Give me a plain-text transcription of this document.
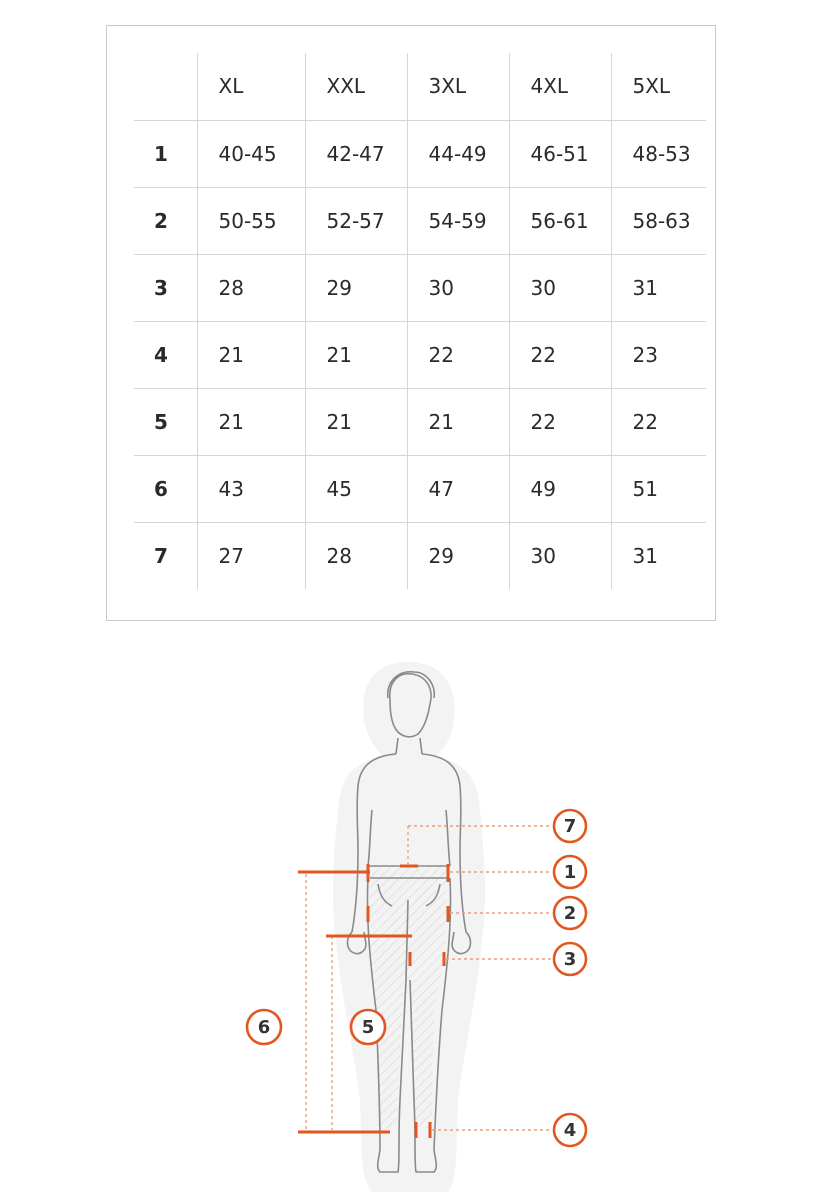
	XL	XXL	3XL	4XL	5XL
1	40-45	42-47	44-49	46-51	48-53
2	50-55	52-57	54-59	56-61	58-63
3	28	29	30	30	31
4	21	21	22	22	23
5	21	21	21	22	22
6	43	45	47	49	51
7	27	28	29	30	31
7
1
2
3
4
6	5
